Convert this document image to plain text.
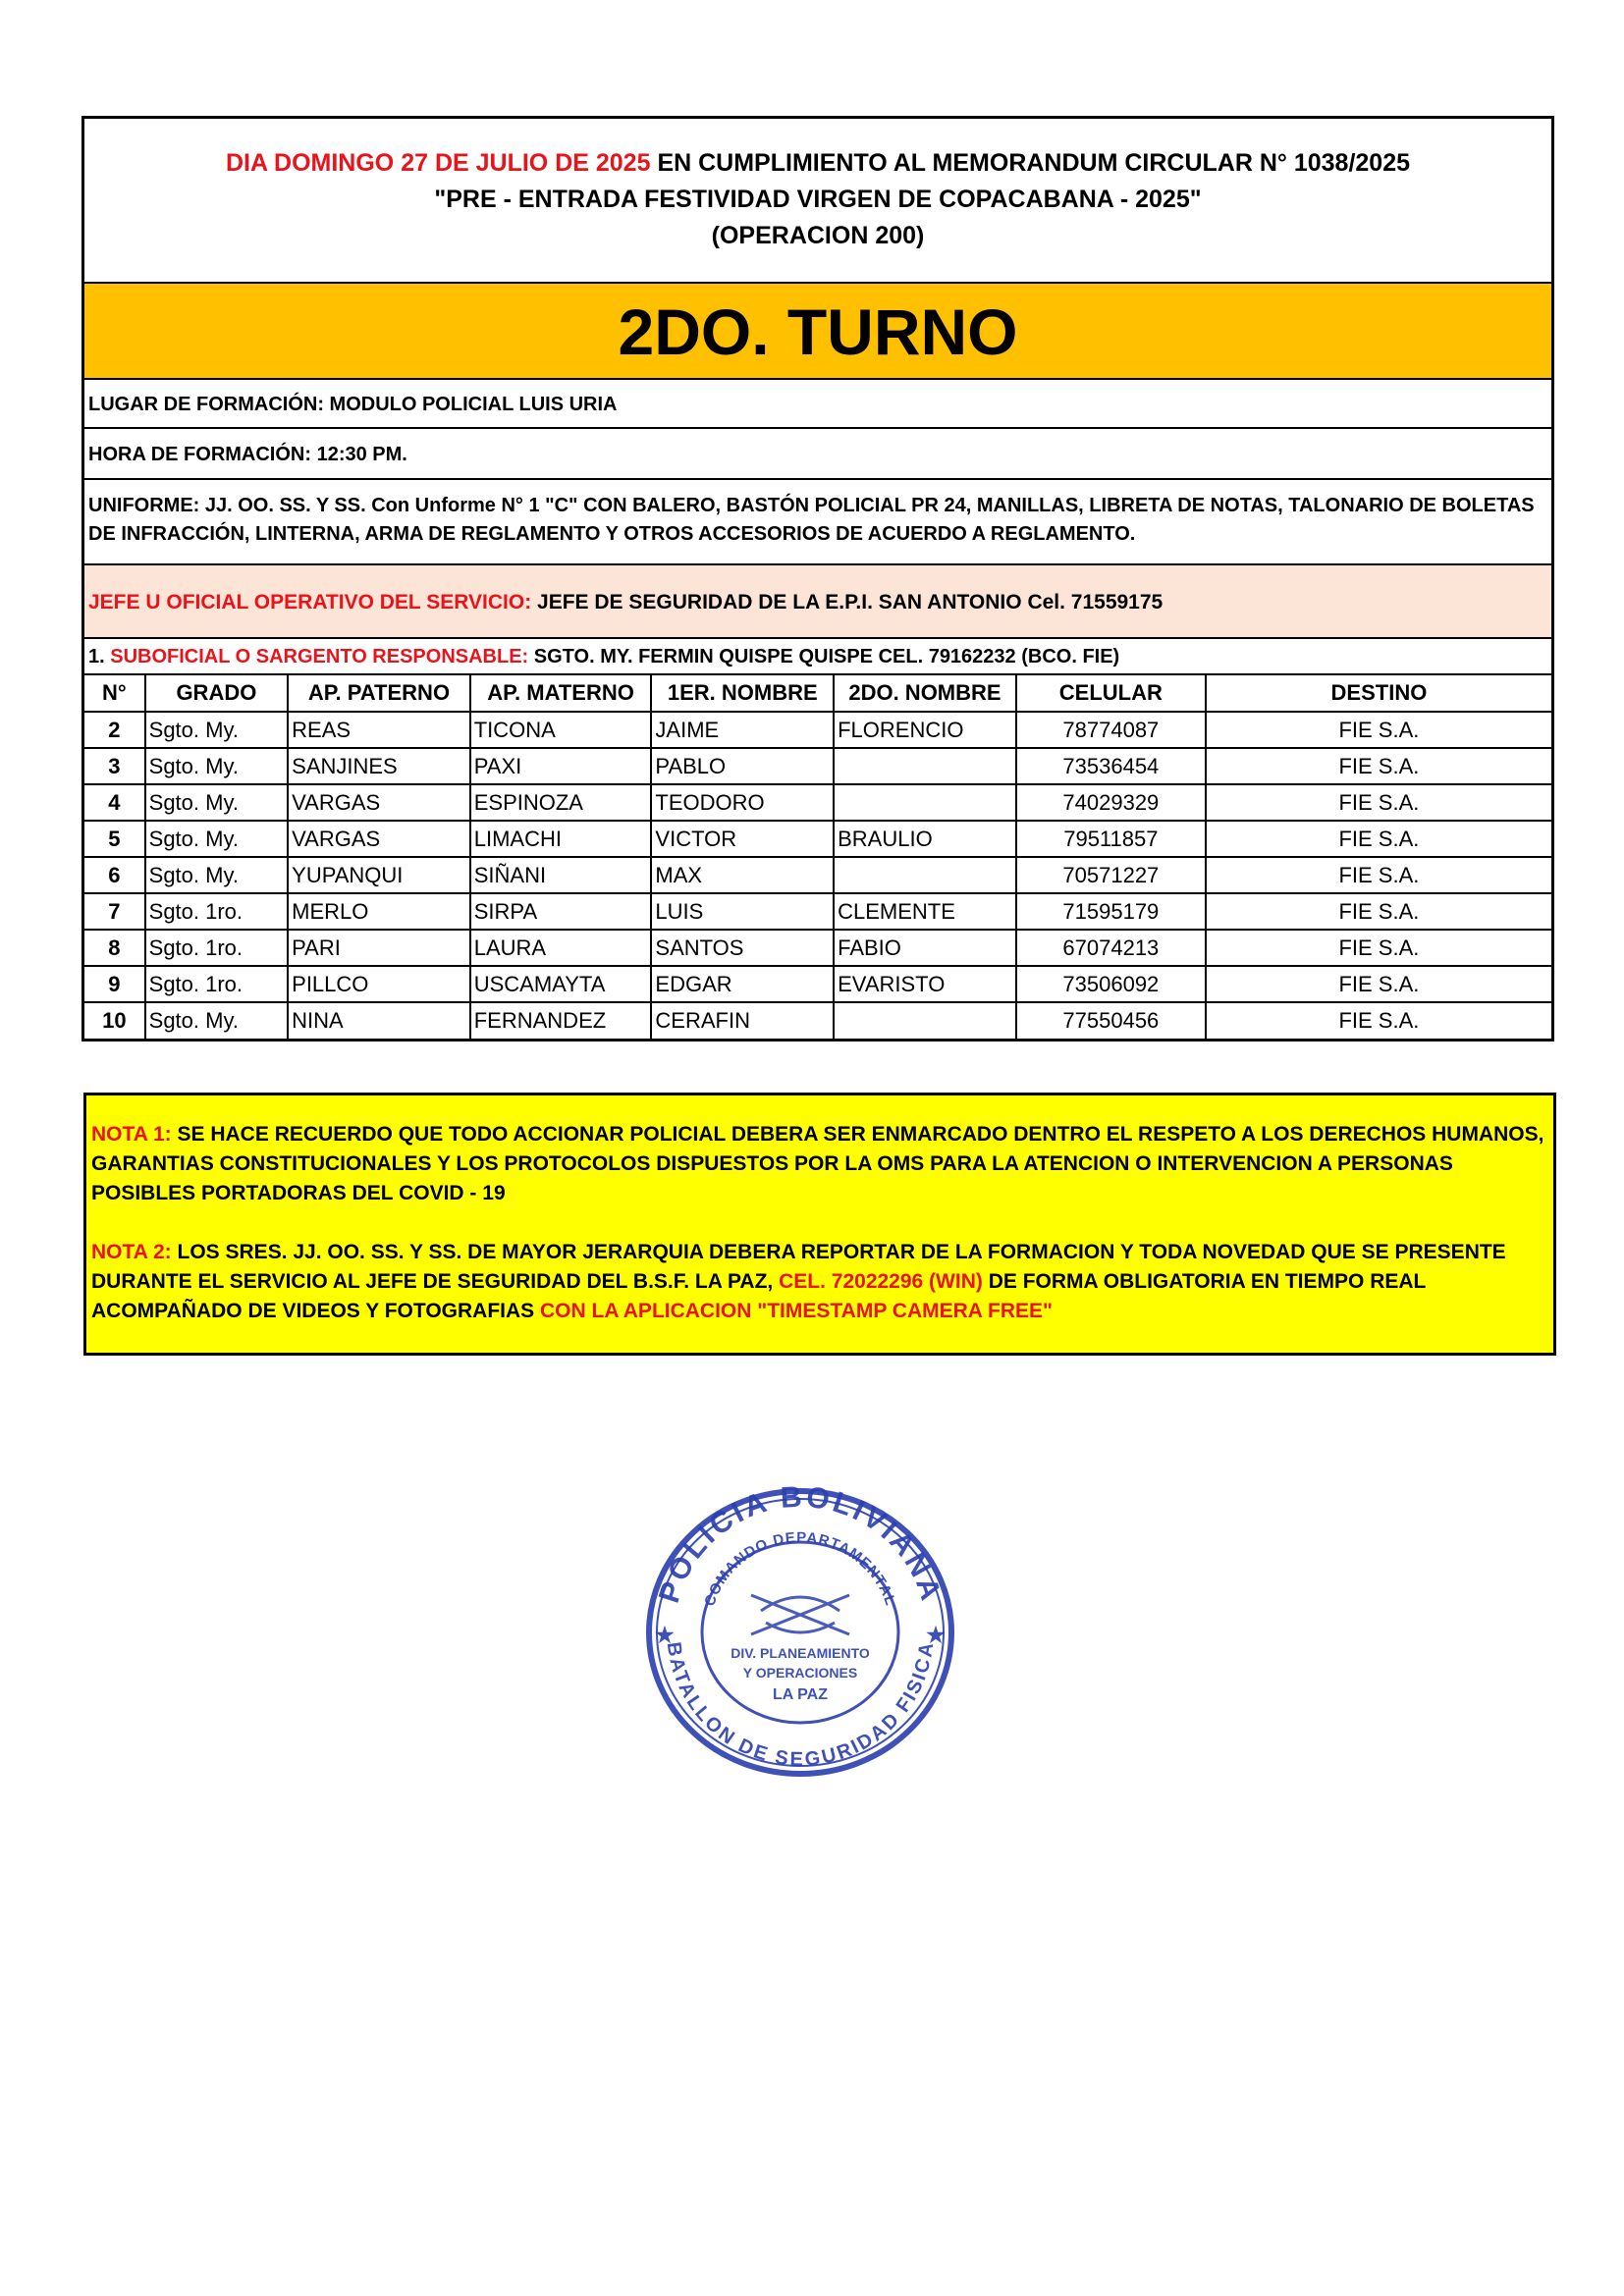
DIA DOMINGO 27 DE JULIO DE 2025 EN CUMPLIMIENTO AL MEMORANDUM CIRCULAR N° 1038/2025
"PRE - ENTRADA FESTIVIDAD VIRGEN DE COPACABANA - 2025"
(OPERACION 200)
2DO. TURNO
LUGAR DE FORMACIÓN: MODULO POLICIAL LUIS URIA
HORA DE FORMACIÓN: 12:30 PM.
UNIFORME: JJ. OO. SS. Y SS. Con Unforme N° 1 "C" CON BALERO, BASTÓN POLICIAL PR 24, MANILLAS, LIBRETA DE NOTAS, TALONARIO DE BOLETAS DE INFRACCIÓN, LINTERNA, ARMA DE REGLAMENTO Y OTROS ACCESORIOS DE ACUERDO A REGLAMENTO.
JEFE U OFICIAL OPERATIVO DEL SERVICIO: JEFE DE SEGURIDAD DE LA E.P.I. SAN ANTONIO Cel. 71559175
1. SUBOFICIAL O SARGENTO RESPONSABLE: SGTO. MY. FERMIN QUISPE QUISPE CEL. 79162232 (BCO. FIE)
N°	GRADO	AP. PATERNO	AP. MATERNO	1ER. NOMBRE	2DO. NOMBRE	CELULAR	DESTINO
2	Sgto. My.	REAS	TICONA	JAIME	FLORENCIO	78774087	FIE S.A.
3	Sgto. My.	SANJINES	PAXI	PABLO		73536454	FIE S.A.
4	Sgto. My.	VARGAS	ESPINOZA	TEODORO		74029329	FIE S.A.
5	Sgto. My.	VARGAS	LIMACHI	VICTOR	BRAULIO	79511857	FIE S.A.
6	Sgto. My.	YUPANQUI	SIÑANI	MAX		70571227	FIE S.A.
7	Sgto. 1ro.	MERLO	SIRPA	LUIS	CLEMENTE	71595179	FIE S.A.
8	Sgto. 1ro.	PARI	LAURA	SANTOS	FABIO	67074213	FIE S.A.
9	Sgto. 1ro.	PILLCO	USCAMAYTA	EDGAR	EVARISTO	73506092	FIE S.A.
10	Sgto. My.	NINA	FERNANDEZ	CERAFIN		77550456	FIE S.A.

NOTA 1: SE HACE RECUERDO QUE TODO ACCIONAR POLICIAL DEBERA SER ENMARCADO DENTRO EL RESPETO A LOS DERECHOS HUMANOS, GARANTIAS CONSTITUCIONALES Y LOS PROTOCOLOS DISPUESTOS POR LA OMS PARA LA ATENCION O INTERVENCION A PERSONAS POSIBLES PORTADORAS DEL COVID - 19

NOTA 2: LOS SRES. JJ. OO. SS. Y SS. DE MAYOR JERARQUIA DEBERA REPORTAR DE LA FORMACION Y TODA NOVEDAD QUE SE PRESENTE DURANTE EL SERVICIO AL JEFE DE SEGURIDAD DEL B.S.F. LA PAZ, CEL. 72022296 (WIN) DE FORMA OBLIGATORIA EN TIEMPO REAL ACOMPAÑADO DE VIDEOS Y FOTOGRAFIAS CON LA APLICACION "TIMESTAMP CAMERA FREE"

POLICIA BOLIVIANA
BATALLON DE SEGURIDAD FISICA
COMANDO DEPARTAMENTAL
DIV. PLANEAMIENTO
Y OPERACIONES
LA PAZ
★	★
